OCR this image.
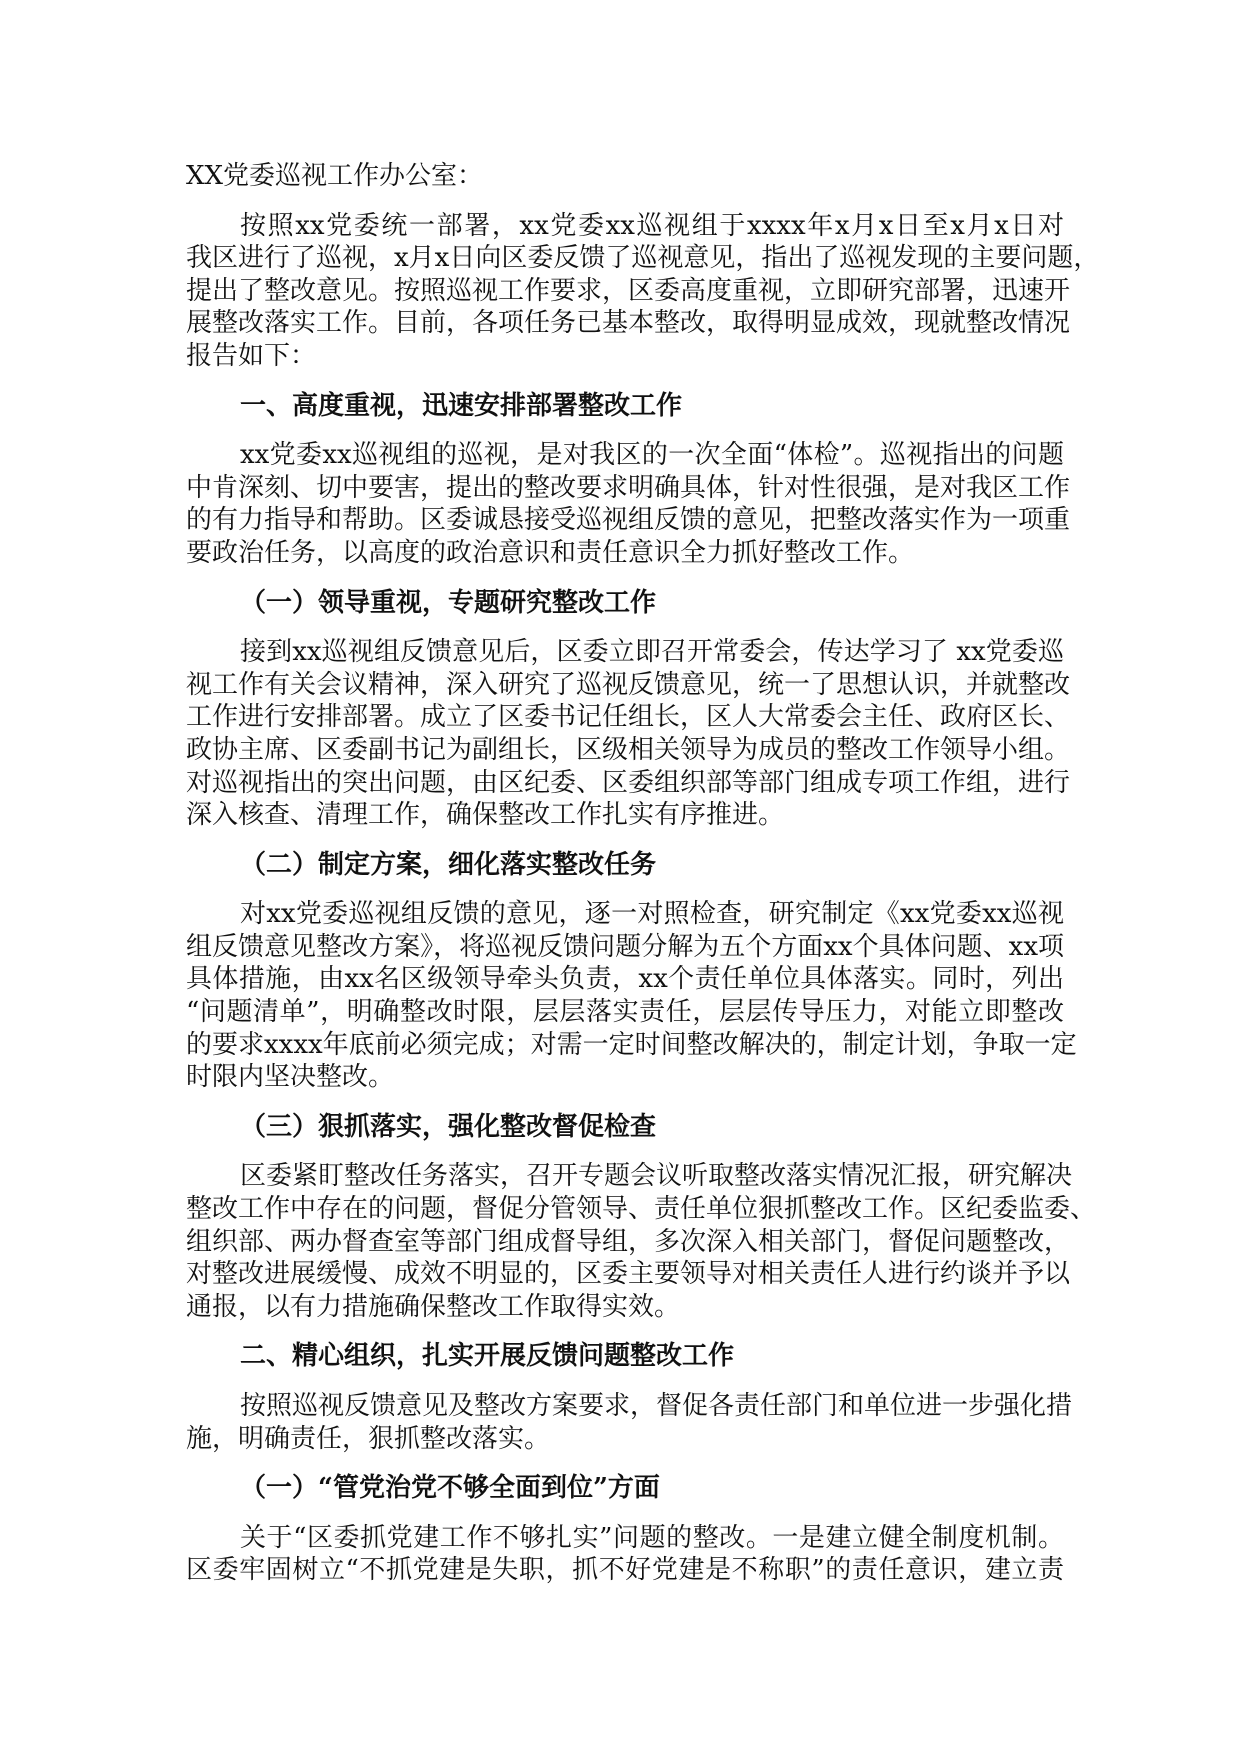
XX党委巡视工作办公室：
按照xx党委统一部署，xx党委xx巡视组于xxxx年x月x日至x月x日对
我区进行了巡视，x月x日向区委反馈了巡视意见，指出了巡视发现的主要问题，
提出了整改意见。按照巡视工作要求，区委高度重视，立即研究部署，迅速开
展整改落实工作。目前，各项任务已基本整改，取得明显成效，现就整改情况
报告如下：
一、高度重视，迅速安排部署整改工作
xx党委xx巡视组的巡视，是对我区的一次全面“体检”。巡视指出的问题
中肯深刻、切中要害，提出的整改要求明确具体，针对性很强，是对我区工作
的有力指导和帮助。区委诚恳接受巡视组反馈的意见，把整改落实作为一项重
要政治任务，以高度的政治意识和责任意识全力抓好整改工作。
（一）领导重视，专题研究整改工作
接到xx巡视组反馈意见后，区委立即召开常委会，传达学习了 xx党委巡
视工作有关会议精神，深入研究了巡视反馈意见，统一了思想认识，并就整改
工作进行安排部署。成立了区委书记任组长，区人大常委会主任、政府区长、
政协主席、区委副书记为副组长，区级相关领导为成员的整改工作领导小组。
对巡视指出的突出问题，由区纪委、区委组织部等部门组成专项工作组，进行
深入核查、清理工作，确保整改工作扎实有序推进。
（二）制定方案，细化落实整改任务
对xx党委巡视组反馈的意见，逐一对照检查，研究制定《xx党委xx巡视
组反馈意见整改方案》，将巡视反馈问题分解为五个方面xx个具体问题、xx项
具体措施，由xx名区级领导牵头负责，xx个责任单位具体落实。同时，列出
“问题清单”，明确整改时限，层层落实责任，层层传导压力，对能立即整改
的要求xxxx年底前必须完成；对需一定时间整改解决的，制定计划，争取一定
时限内坚决整改。
（三）狠抓落实，强化整改督促检查
区委紧盯整改任务落实，召开专题会议听取整改落实情况汇报，研究解决
整改工作中存在的问题，督促分管领导、责任单位狠抓整改工作。区纪委监委、
组织部、两办督查室等部门组成督导组，多次深入相关部门，督促问题整改，
对整改进展缓慢、成效不明显的，区委主要领导对相关责任人进行约谈并予以
通报，以有力措施确保整改工作取得实效。
二、精心组织，扎实开展反馈问题整改工作
按照巡视反馈意见及整改方案要求，督促各责任部门和单位进一步强化措
施，明确责任，狠抓整改落实。
（一）“管党治党不够全面到位”方面
关于“区委抓党建工作不够扎实”问题的整改。一是建立健全制度机制。
区委牢固树立“不抓党建是失职，抓不好党建是不称职”的责任意识，建立责
